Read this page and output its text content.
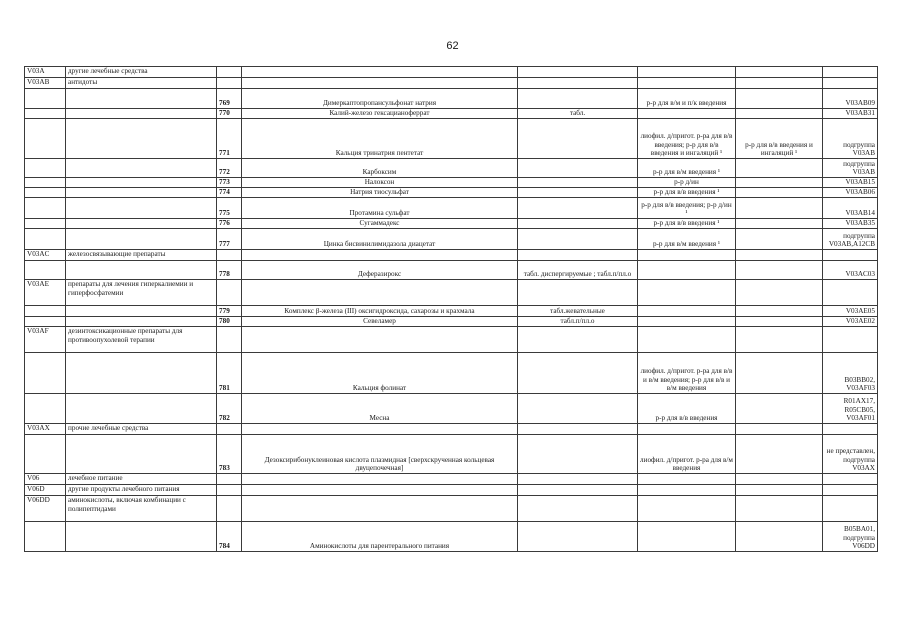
62
V03A	другие лечебные средства						
V03AB	антидоты						
		769	Димеркаптопропансульфонат натрия		р-р для в/м и п/к введения		V03AB09
		770	Калий-железо гексацианоферрат	табл.			V03AB31
		771	Кальция тринатрия пентетат		лиофил. д/пригот. р-ра для в/в введения; р-р для в/в введения и ингаляций ¹	р-р для в/в введения и ингаляций ¹	подгруппа V03AB
		772	Карбоксим		р-р для в/м введения ¹		подгруппа V03AB
		773	Налоксон		р-р д/ин		V03AB15
		774	Натрия тиосульфат		р-р для в/в введения ¹		V03AB06
		775	Протамина сульфат		р-р для в/в введения; р-р д/ин ¹		V03AB14
		776	Сугаммадекс		р-р для в/в введения ¹		V03AB35
		777	Цинка бисвинилимидазола диацетат		р-р для в/м введения ¹		подгруппа V03AB,A12CB
V03AC	железосвязывающие препараты						
		778	Деферазирокс	табл. диспергируемые ; табл.п/пл.о			V03AC03
V03AE	препараты для лечения гиперкалиемии и гиперфосфатемии						
		779	Комплекс β-железа (III) оксигидроксида, сахарозы и крахмала	табл.жевательные			V03AE05
		780	Севеламер	табл.п/пл.о			V03AE02
V03AF	дезинтоксикационные препараты для противоопухолевой терапии						
		781	Кальция фолинат		лиофил. д/пригот. р-ра для в/в и в/м введения; р-р для в/в и в/м введения		B03BB02, V03AF03
		782	Месна		р-р для в/в введения		R01AX17, R05CB05, V03AF01
V03AX	прочие лечебные средства						
		783	Дезоксирибонуклеиновая кислота плазмидная [сверхскрученная кольцевая двуцепочечная]		лиофил. д/пригот. р-ра для в/м введения		не представлен, подгруппа V03AX
V06	лечебное питание						
V06D	другие продукты лечебного питания						
V06DD	аминокислоты, включая комбинации с полипептидами						
		784	Аминокислоты для парентерального питания				B05BA01, подгруппа V06DD
